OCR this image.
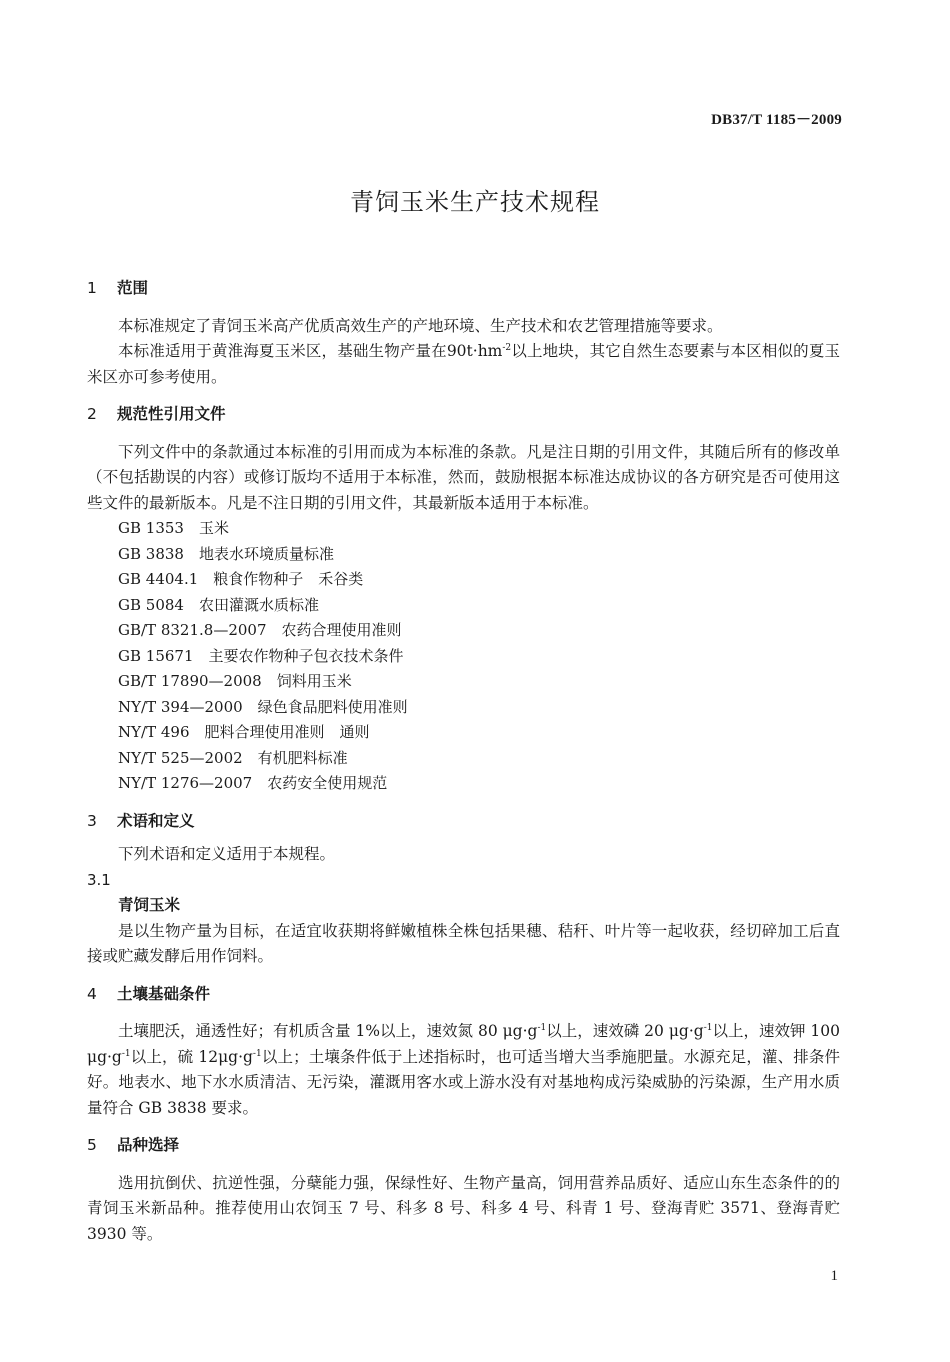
DB37/T 1185－2009
青饲玉米生产技术规程
1	范围

本标准规定了青饲玉米高产优质高效生产的产地环境、生产技术和农艺管理措施等要求。

本标准适用于黄淮海夏玉米区，基础生物产量在$90t\cdot hm^{-2}$以上地块，其它自然生态要素与本区相似的夏玉米区亦可参考使用。

2	规范性引用文件

下列文件中的条款通过本标准的引用而成为本标准的条款。凡是注日期的引用文件，其随后所有的修改单（不包括勘误的内容）或修订版均不适用于本标准，然而，鼓励根据本标准达成协议的各方研究是否可使用这些文件的最新版本。凡是不注日期的引用文件，其最新版本适用于本标准。

GB 1353　玉米

GB 3838　地表水环境质量标准

GB 4404.1　粮食作物种子　禾谷类

GB 5084　农田灌溉水质标准

GB/T 8321.8—2007　农药合理使用准则

GB 15671　主要农作物种子包衣技术条件

GB/T 17890—2008　饲料用玉米

NY/T 394—2000　绿色食品肥料使用准则

NY/T 496　肥料合理使用准则　通则

NY/T 525—2002　有机肥料标准

NY/T 1276—2007　农药安全使用规范

3	术语和定义

下列术语和定义适用于本规程。

3.1

青饲玉米

是以生物产量为目标，在适宜收获期将鲜嫩植株全株包括果穗、秸秆、叶片等一起收获，经切碎加工后直接或贮藏发酵后用作饲料。

4	土壤基础条件

土壤肥沃，通透性好；有机质含量 1%以上，速效氮 80 $\mu g\cdot g^{-1}$以上，速效磷 20 $\mu g\cdot g^{-1}$以上，速效钾 100 $\mu g\cdot g^{-1}$以上，硫 $12\mu g\cdot g^{-1}$以上；土壤条件低于上述指标时，也可适当增大当季施肥量。水源充足，灌、排条件好。地表水、地下水水质清洁、无污染，灌溉用客水或上游水没有对基地构成污染威胁的污染源，生产用水质量符合 GB 3838 要求。

5	品种选择

选用抗倒伏、抗逆性强，分蘖能力强，保绿性好、生物产量高，饲用营养品质好、适应山东生态条件的的青饲玉米新品种。推荐使用山农饲玉 7 号、科多 8 号、科多 4 号、科青 1 号、登海青贮 3571、登海青贮 3930 等。

1
